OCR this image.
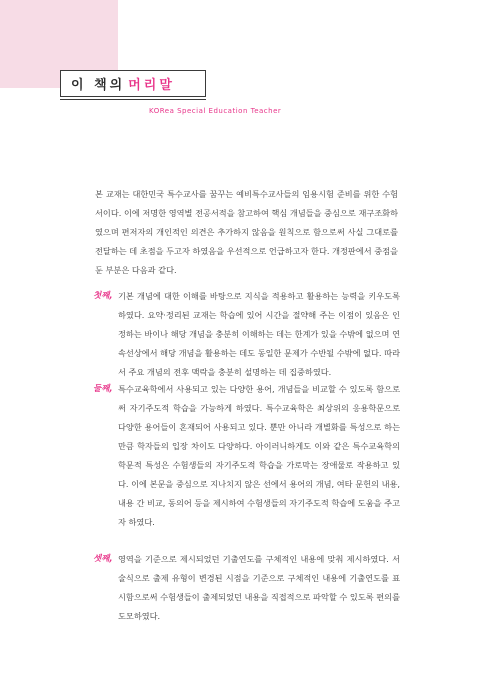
이 책의 머리말
KORea Special Education Teacher

본 교재는 대한민국 특수교사를 꿈꾸는 예비특수교사들의 임용시험 준비를 위한 수험서이다. 이에 저명한 영역별 전공서적을 참고하여 핵심 개념들을 중심으로 재구조화하였으며 편저자의 개인적인 의견은 추가하지 않음을 원칙으로 함으로써 사실 그대로를 전달하는 데 초점을 두고자 하였음을 우선적으로 언급하고자 한다. 개정판에서 중점을 둔 부분은 다음과 같다.

첫째, 기본 개념에 대한 이해를 바탕으로 지식을 적용하고 활용하는 능력을 키우도록 하였다. 요약·정리된 교재는 학습에 있어 시간을 절약해 주는 이점이 있음은 인정하는 바이나 해당 개념을 충분히 이해하는 데는 한계가 있을 수밖에 없으며 연속선상에서 해당 개념을 활용하는 데도 동일한 문제가 수반될 수밖에 없다. 따라서 주요 개념의 전후 맥락을 충분히 설명하는 데 집중하였다.

둘째, 특수교육학에서 사용되고 있는 다양한 용어, 개념들을 비교할 수 있도록 함으로써 자기주도적 학습을 가능하게 하였다. 특수교육학은 최상위의 응용학문으로 다양한 용어들이 혼재되어 사용되고 있다. 뿐만 아니라 개별화를 특성으로 하는 만큼 학자들의 입장 차이도 다양하다. 아이러니하게도 이와 같은 특수교육학의 학문적 특성은 수험생들의 자기주도적 학습을 가로막는 장애물로 작용하고 있다. 이에 본문을 중심으로 지나치지 않은 선에서 용어의 개념, 여타 문헌의 내용, 내용 간 비교, 동의어 등을 제시하여 수험생들의 자기주도적 학습에 도움을 주고자 하였다.

셋째, 영역을 기준으로 제시되었던 기출연도를 구체적인 내용에 맞춰 제시하였다. 서술식으로 출제 유형이 변경된 시점을 기준으로 구체적인 내용에 기출연도를 표시함으로써 수험생들이 출제되었던 내용을 직접적으로 파악할 수 있도록 편의를 도모하였다.
